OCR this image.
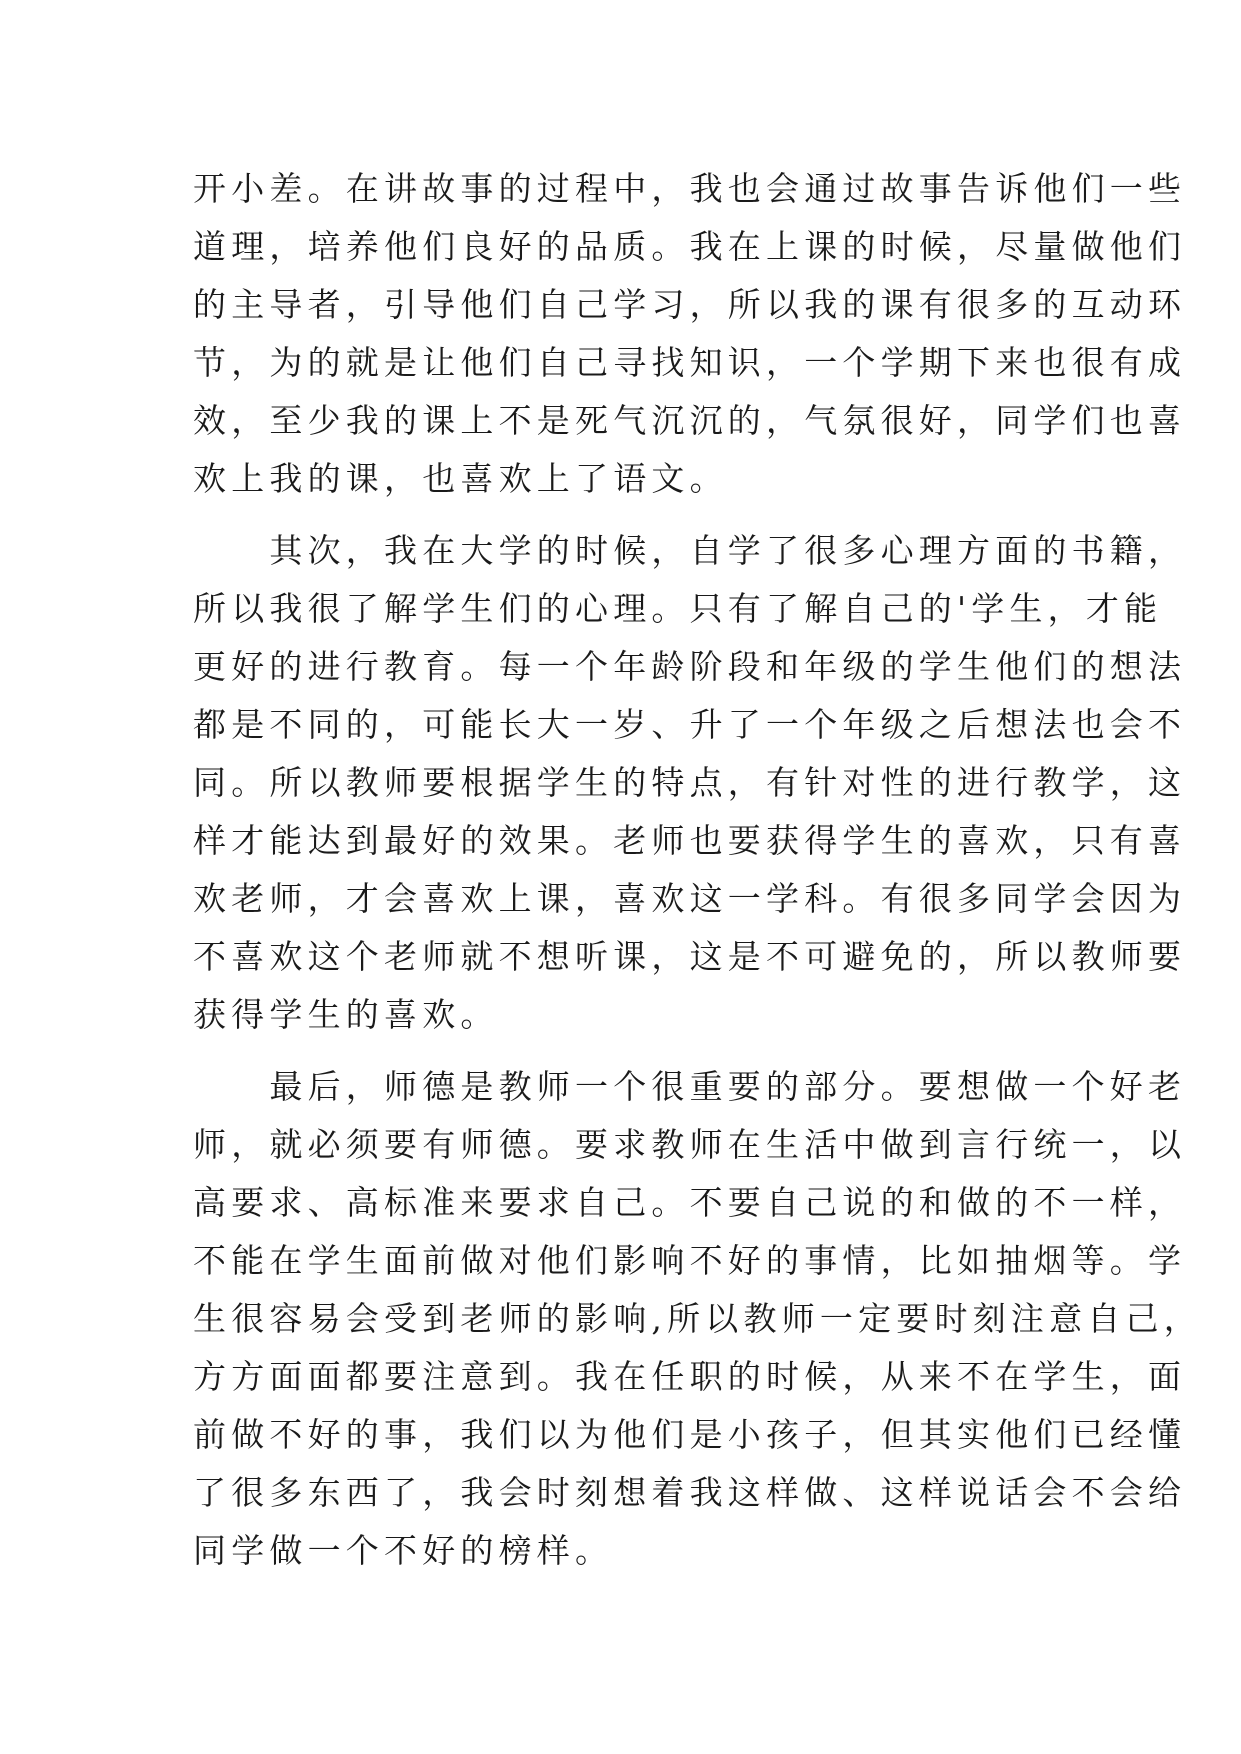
开小差。在讲故事的过程中，我也会通过故事告诉他们一些
道理，培养他们良好的品质。我在上课的时候，尽量做他们
的主导者，引导他们自己学习，所以我的课有很多的互动环
节，为的就是让他们自己寻找知识，一个学期下来也很有成
效，至少我的课上不是死气沉沉的，气氛很好，同学们也喜
欢上我的课，也喜欢上了语文。
　　其次，我在大学的时候，自学了很多心理方面的书籍，
所以我很了解学生们的心理。只有了解自己的'学生，才能
更好的进行教育。每一个年龄阶段和年级的学生他们的想法
都是不同的，可能长大一岁、升了一个年级之后想法也会不
同。所以教师要根据学生的特点，有针对性的进行教学，这
样才能达到最好的效果。老师也要获得学生的喜欢，只有喜
欢老师，才会喜欢上课，喜欢这一学科。有很多同学会因为
不喜欢这个老师就不想听课，这是不可避免的，所以教师要
获得学生的喜欢。
　　最后，师德是教师一个很重要的部分。要想做一个好老
师，就必须要有师德。要求教师在生活中做到言行统一，以
高要求、高标准来要求自己。不要自己说的和做的不一样，
不能在学生面前做对他们影响不好的事情，比如抽烟等。学
生很容易会受到老师的影响,所以教师一定要时刻注意自己，
方方面面都要注意到。我在任职的时候，从来不在学生，面
前做不好的事，我们以为他们是小孩子，但其实他们已经懂
了很多东西了，我会时刻想着我这样做、这样说话会不会给
同学做一个不好的榜样。
